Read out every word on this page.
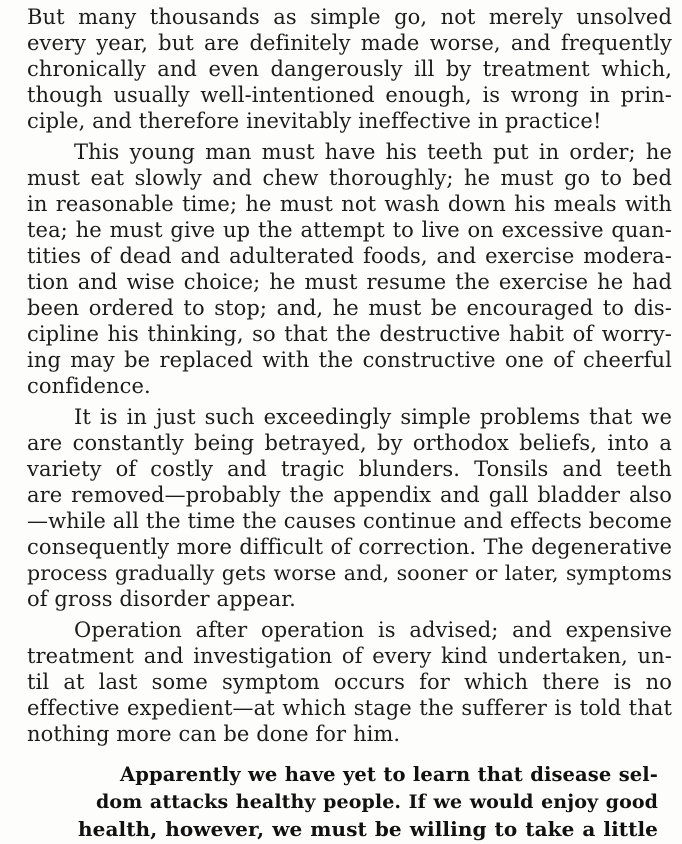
But many thousands as simple go, not merely unsolved
every year, but are definitely made worse, and frequently
chronically and even dangerously ill by treatment which,
though usually well-intentioned enough, is wrong in prin-
ciple, and therefore inevitably ineffective in practice!
This young man must have his teeth put in order; he
must eat slowly and chew thoroughly; he must go to bed
in reasonable time; he must not wash down his meals with
tea; he must give up the attempt to live on excessive quan-
tities of dead and adulterated foods, and exercise modera-
tion and wise choice; he must resume the exercise he had
been ordered to stop; and, he must be encouraged to dis-
cipline his thinking, so that the destructive habit of worry-
ing may be replaced with the constructive one of cheerful
confidence.
It is in just such exceedingly simple problems that we
are constantly being betrayed, by orthodox beliefs, into a
variety of costly and tragic blunders. Tonsils and teeth
are removed—probably the appendix and gall bladder also
—while all the time the causes continue and effects become
consequently more difficult of correction. The degenerative
process gradually gets worse and, sooner or later, symptoms
of gross disorder appear.
Operation after operation is advised; and expensive
treatment and investigation of every kind undertaken, un-
til at last some symptom occurs for which there is no
effective expedient—at which stage the sufferer is told that
nothing more can be done for him.
Apparently we have yet to learn that disease sel-
dom attacks healthy people. If we would enjoy good
health, however, we must be willing to take a little
